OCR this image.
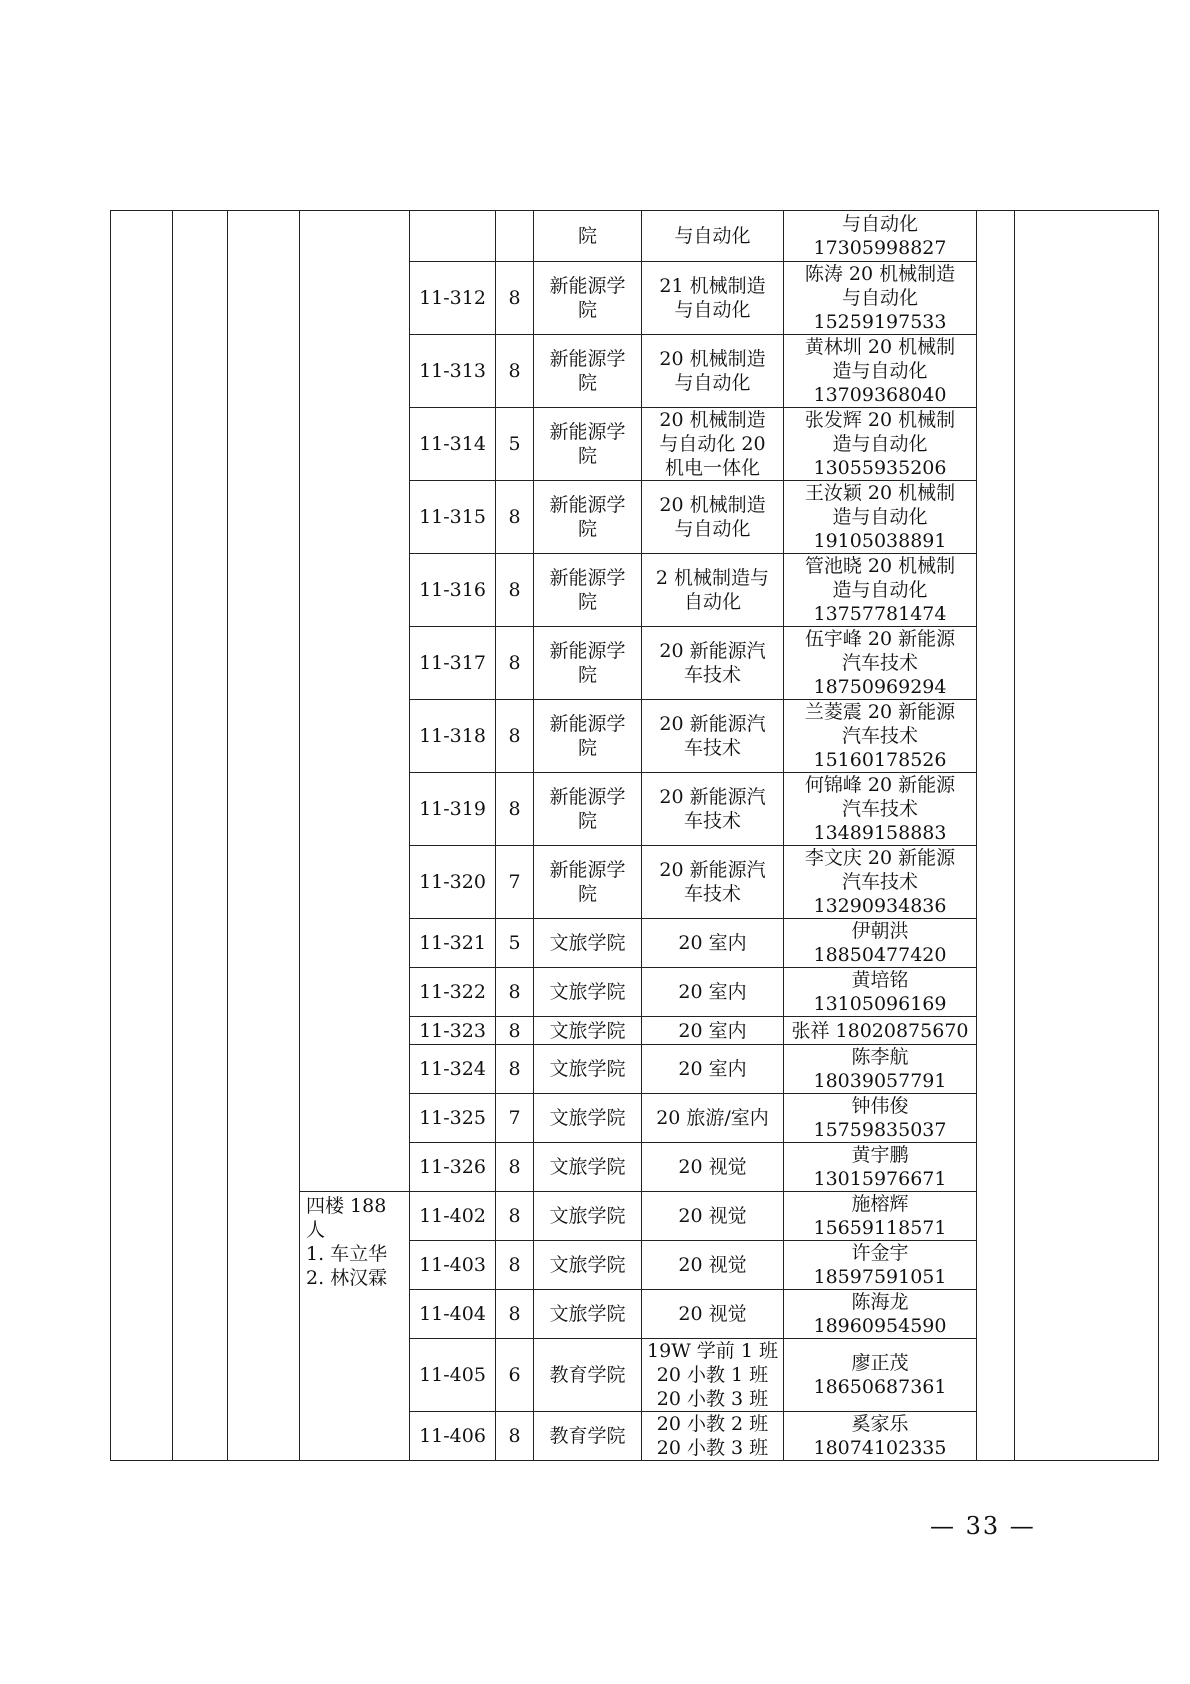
						院	与自动化	与自动化
17305998827		

				11-312	8	新能源学
院	21 机械制造
与自动化	陈涛 20 机械制造
与自动化
15259197533		

				11-313	8	新能源学
院	20 机械制造
与自动化	黄林圳 20 机械制
造与自动化
13709368040		

				11-314	5	新能源学
院	20 机械制造
与自动化 20
机电一体化	张发辉 20 机械制
造与自动化
13055935206		

				11-315	8	新能源学
院	20 机械制造
与自动化	王汝颖 20 机械制
造与自动化
19105038891		

				11-316	8	新能源学
院	2 机械制造与
自动化	管池晓 20 机械制
造与自动化
13757781474		

				11-317	8	新能源学
院	20 新能源汽
车技术	伍宇峰 20 新能源
汽车技术
18750969294		

				11-318	8	新能源学
院	20 新能源汽
车技术	兰菱震 20 新能源
汽车技术
15160178526		

				11-319	8	新能源学
院	20 新能源汽
车技术	何锦峰 20 新能源
汽车技术
13489158883		

				11-320	7	新能源学
院	20 新能源汽
车技术	李文庆 20 新能源
汽车技术
13290934836		

				11-321	5	文旅学院	20 室内	伊朝洪
18850477420		

				11-322	8	文旅学院	20 室内	黄培铭
13105096169		

				11-323	8	文旅学院	20 室内	张祥 18020875670		

				11-324	8	文旅学院	20 室内	陈李航
18039057791		

				11-325	7	文旅学院	20 旅游/室内	钟伟俊
15759835037		

				11-326	8	文旅学院	20 视觉	黄宇鹏
13015976671		

			四楼 188
人
1. 车立华
2. 林汉霖	11-402	8	文旅学院	20 视觉	施榕辉
15659118571		

				11-403	8	文旅学院	20 视觉	许金宇
18597591051		

				11-404	8	文旅学院	20 视觉	陈海龙
18960954590		

				11-405	6	教育学院	19W 学前 1 班
20 小教 1 班
20 小教 3 班	廖正茂
18650687361		

				11-406	8	教育学院	20 小教 2 班
20 小教 3 班	奚家乐
18074102335		
— 33 —
